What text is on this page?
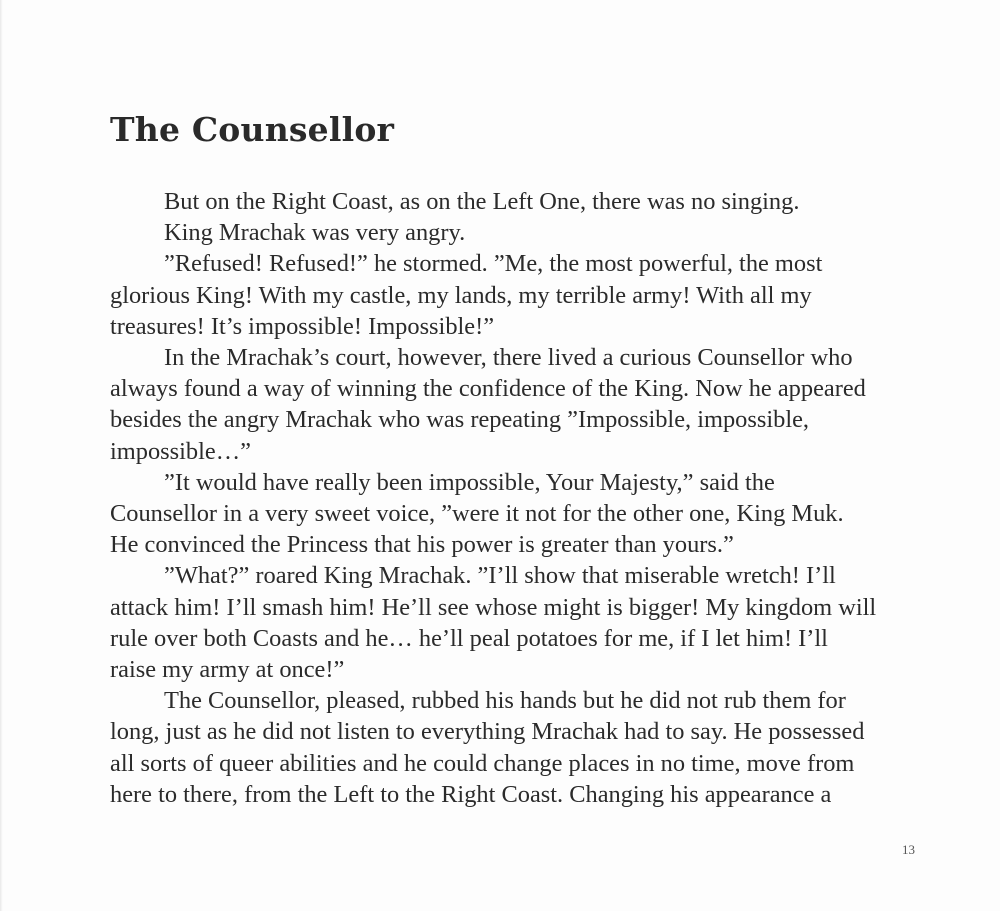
The Counsellor
But on the Right Coast, as on the Left One, there was no singing.
King Mrachak was very angry.
”Refused! Refused!” he stormed. ”Me, the most powerful, the most
glorious King! With my castle, my lands, my terrible army! With all my
treasures! It’s impossible! Impossible!”
In the Mrachak’s court, however, there lived a curious Counsellor who
always found a way of winning the confidence of the King. Now he appeared
besides the angry Mrachak who was repeating ”Impossible, impossible,
impossible…”
”It would have really been impossible, Your Majesty,” said the
Counsellor in a very sweet voice, ”were it not for the other one, King Muk.
He convinced the Princess that his power is greater than yours.”
”What?” roared King Mrachak. ”I’ll show that miserable wretch! I’ll
attack him! I’ll smash him! He’ll see whose might is bigger! My kingdom will
rule over both Coasts and he… he’ll peal potatoes for me, if I let him! I’ll
raise my army at once!”
The Counsellor, pleased, rubbed his hands but he did not rub them for
long, just as he did not listen to everything Mrachak had to say. He possessed
all sorts of queer abilities and he could change places in no time, move from
here to there, from the Left to the Right Coast. Changing his appearance a
13
